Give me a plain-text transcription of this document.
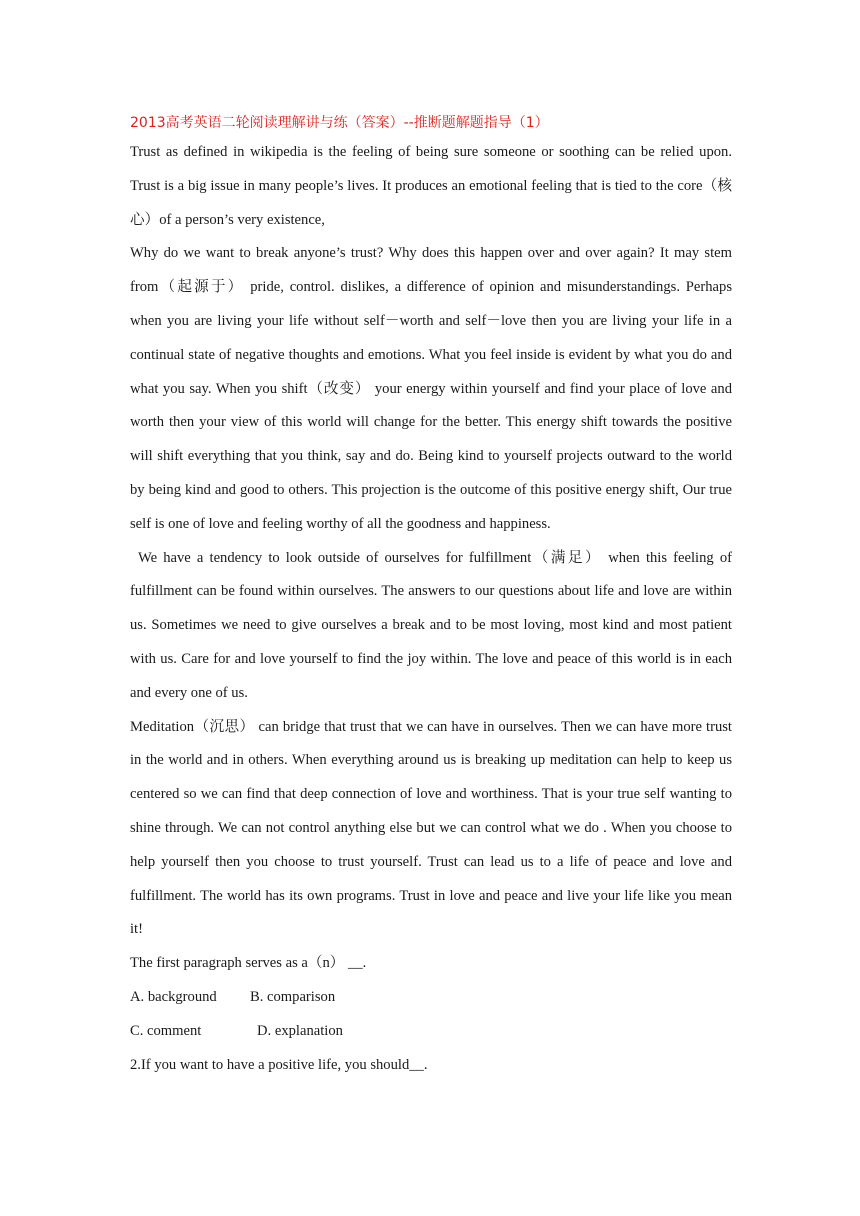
2013高考英语二轮阅读理解讲与练（答案）--推断题解题指导（1）

Trust as defined in wikipedia is the feeling of being sure someone or soothing can be relied upon. Trust is a big issue in many people’s lives. It produces an emotional feeling that is tied to the core（核心）of a person’s very existence,

Why do we want to break anyone’s trust? Why does this happen over and over again? It may stem from（起源于） pride, control. dislikes, a difference of opinion and misunderstandings. Perhaps when you are living your life without self－worth and self－love then you are living your life in a continual state of negative thoughts and emotions. What you feel inside is evident by what you do and what you say. When you shift（改变） your energy within yourself and find your place of love and worth then your view of this world will change for the better. This energy shift towards the positive will shift everything that you think, say and do. Being kind to yourself projects outward to the world by being kind and good to others. This projection is the outcome of this positive energy shift, Our true self is one of love and feeling worthy of all the goodness and happiness.

We have a tendency to look outside of ourselves for fulfillment（满足） when this feeling of fulfillment can be found within ourselves. The answers to our questions about life and love are within us. Sometimes we need to give ourselves a break and to be most loving, most kind and most patient with us. Care for and love yourself to find the joy within. The love and peace of this world is in each and every one of us.

Meditation（沉思） can bridge that trust that we can have in ourselves. Then we can have more trust in the world and in others. When everything around us is breaking up meditation can help to keep us centered so we can find that deep connection of love and worthiness. That is your true self wanting to shine through. We can not control anything else but we can control what we do . When you choose to help yourself then you choose to trust yourself. Trust can lead us to a life of peace and love and fulfillment. The world has its own programs. Trust in love and peace and live your life like you mean it!

The first paragraph serves as a（n） __.
A. background B. comparison
C. comment	D. explanation
2.If you want to have a positive life, you should__.
